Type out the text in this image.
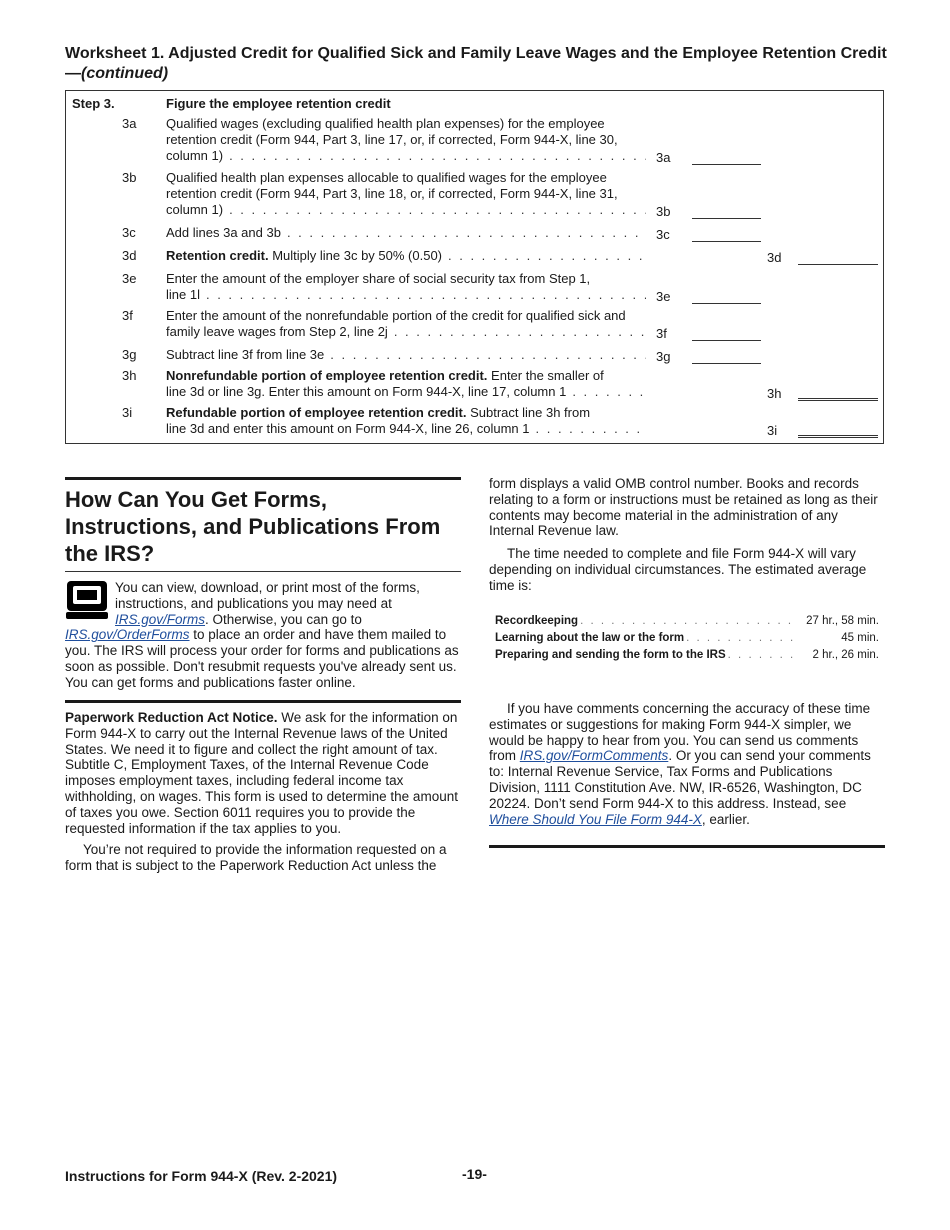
Worksheet 1. Adjusted Credit for Qualified Sick and Family Leave Wages and the Employee Retention Credit—(continued)
Step 3.	Figure the employee retention credit
3a Qualified wages (excluding qualified health plan expenses) for the employee
retention credit (Form 944, Part 3, line 17, or, if corrected, Form 944-X, line 30,
column 1) . . .	3a
3b Qualified health plan expenses allocable to qualified wages for the employee
retention credit (Form 944, Part 3, line 18, or, if corrected, Form 944-X, line 31,
column 1) . . .	3b
3c Add lines 3a and 3b . . .	3c
3d Retention credit. Multiply line 3c by 50% (0.50) . . .	3d
3e Enter the amount of the employer share of social security tax from Step 1,
line 1l . . .	3e
3f	Enter the amount of the nonrefundable portion of the credit for qualified sick and
family leave wages from Step 2, line 2j . . .	3f
3g Subtract line 3f from line 3e . . .	3g
3h Nonrefundable portion of employee retention credit. Enter the smaller of
line 3d or line 3g. Enter this amount on Form 944-X, line 17, column 1 . . .	3h
3i	Refundable portion of employee retention credit. Subtract line 3h from
line 3d and enter this amount on Form 944-X, line 26, column 1 . . .	3i
How Can You Get Forms, Instructions, and Publications From the IRS?

You can view, download, or print most of the forms, instructions, and publications you may need at IRS.gov/Forms. Otherwise, you can go to IRS.gov/OrderForms to place an order and have them mailed to you. The IRS will process your order for forms and publications as soon as possible. Don't resubmit requests you've already sent us. You can get forms and publications faster online.

Paperwork Reduction Act Notice. We ask for the information on Form 944-X to carry out the Internal Revenue laws of the United States. We need it to figure and collect the right amount of tax. Subtitle C, Employment Taxes, of the Internal Revenue Code imposes employment taxes, including federal income tax withholding, on wages. This form is used to determine the amount of taxes you owe. Section 6011 requires you to provide the requested information if the tax applies to you.

You’re not required to provide the information requested on a form that is subject to the Paperwork Reduction Act unless the

form displays a valid OMB control number. Books and records relating to a form or instructions must be retained as long as their contents may become material in the administration of any Internal Revenue law.

The time needed to complete and file Form 944-X will vary depending on individual circumstances. The estimated average time is:

Recordkeeping . . .	27 hr., 58 min.
Learning about the law or the form . . .	45 min.
Preparing and sending the form to the IRS . . .	2 hr., 26 min.

If you have comments concerning the accuracy of these time estimates or suggestions for making Form 944-X simpler, we would be happy to hear from you. You can send us comments from IRS.gov/FormComments. Or you can send your comments to: Internal Revenue Service, Tax Forms and Publications Division, 1111 Constitution Ave. NW, IR-6526, Washington, DC 20224. Don’t send Form 944-X to this address. Instead, see Where Should You File Form 944-X, earlier.

Instructions for Form 944-X (Rev. 2-2021)	-19-
